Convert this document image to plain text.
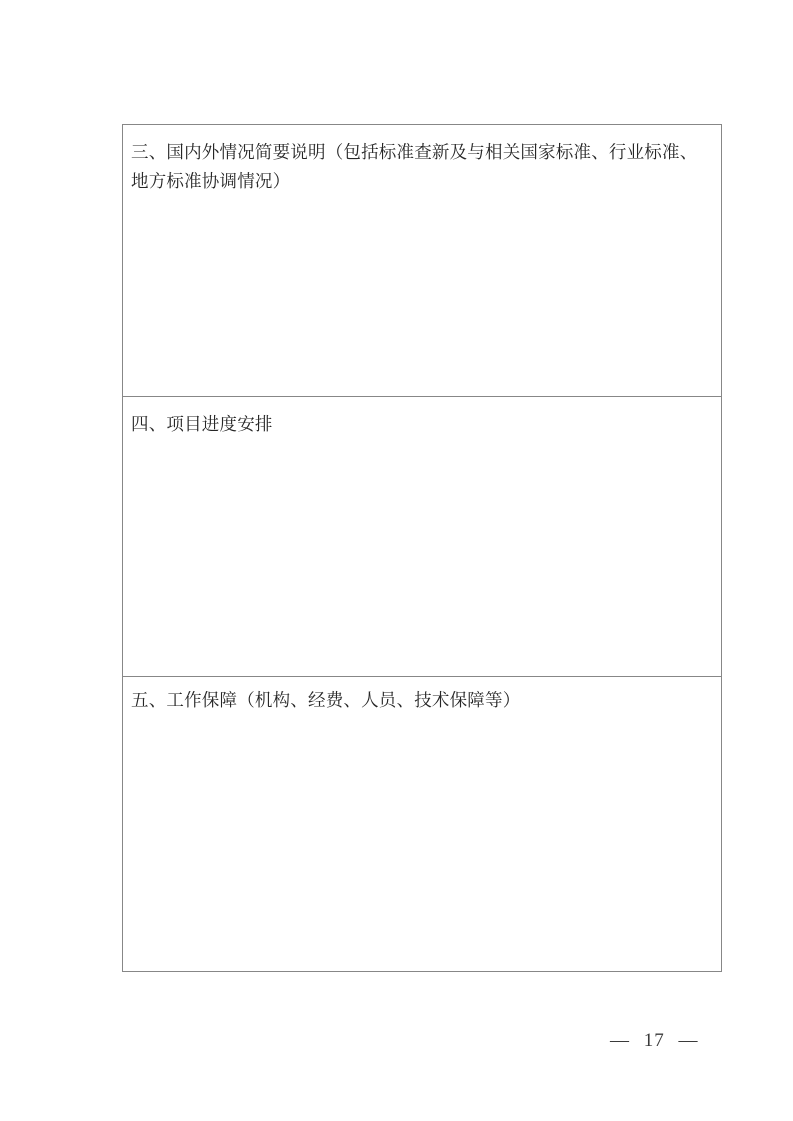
三、国内外情况简要说明（包括标准查新及与相关国家标准、行业标准、
地方标准协调情况）
四、项目进度安排
五、工作保障（机构、经费、人员、技术保障等）
— 17 —
